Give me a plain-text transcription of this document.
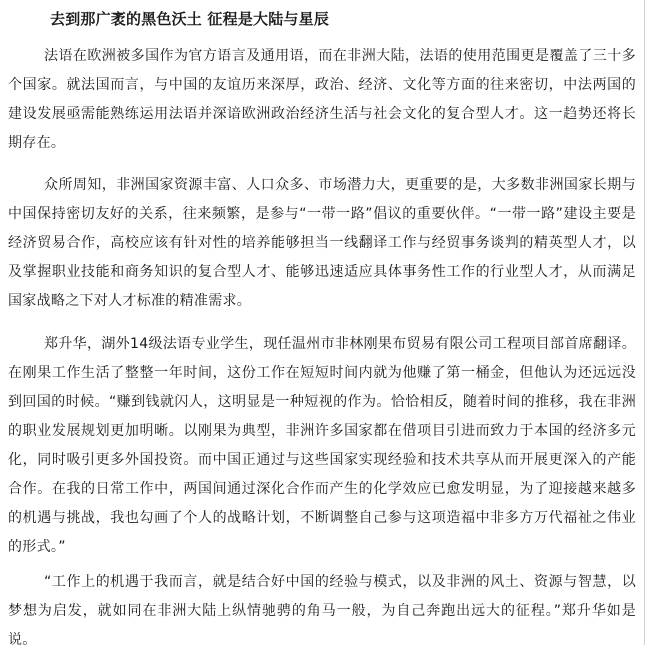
去到那广袤的黑色沃土 征程是大陆与星辰

法语在欧洲被多国作为官方语言及通用语，而在非洲大陆，法语的使用范围更是覆盖了三十多个国家。就法国而言，与中国的友谊历来深厚，政治、经济、文化等方面的往来密切，中法两国的建设发展亟需能熟练运用法语并深谙欧洲政治经济生活与社会文化的复合型人才。这一趋势还将长期存在。

众所周知，非洲国家资源丰富、人口众多、市场潜力大，更重要的是，大多数非洲国家长期与中国保持密切友好的关系，往来频繁，是参与“一带一路”倡议的重要伙伴。“一带一路”建设主要是经济贸易合作，高校应该有针对性的培养能够担当一线翻译工作与经贸事务谈判的精英型人才，以及掌握职业技能和商务知识的复合型人才、能够迅速适应具体事务性工作的行业型人才，从而满足国家战略之下对人才标准的精准需求。

郑升华，湖外14级法语专业学生，现任温州市非林刚果布贸易有限公司工程项目部首席翻译。在刚果工作生活了整整一年时间，这份工作在短短时间内就为他赚了第一桶金，但他认为还远远没到回国的时候。“赚到钱就闪人，这明显是一种短视的作为。恰恰相反，随着时间的推移，我在非洲的职业发展规划更加明晰。以刚果为典型，非洲许多国家都在借项目引进而致力于本国的经济多元化，同时吸引更多外国投资。而中国正通过与这些国家实现经验和技术共享从而开展更深入的产能合作。在我的日常工作中，两国间通过深化合作而产生的化学效应已愈发明显，为了迎接越来越多的机遇与挑战，我也勾画了个人的战略计划，不断调整自己参与这项造福中非多方万代福祉之伟业的形式。”

“工作上的机遇于我而言，就是结合好中国的经验与模式，以及非洲的风土、资源与智慧，以梦想为启发，就如同在非洲大陆上纵情驰骋的角马一般，为自己奔跑出远大的征程。”郑升华如是说。
